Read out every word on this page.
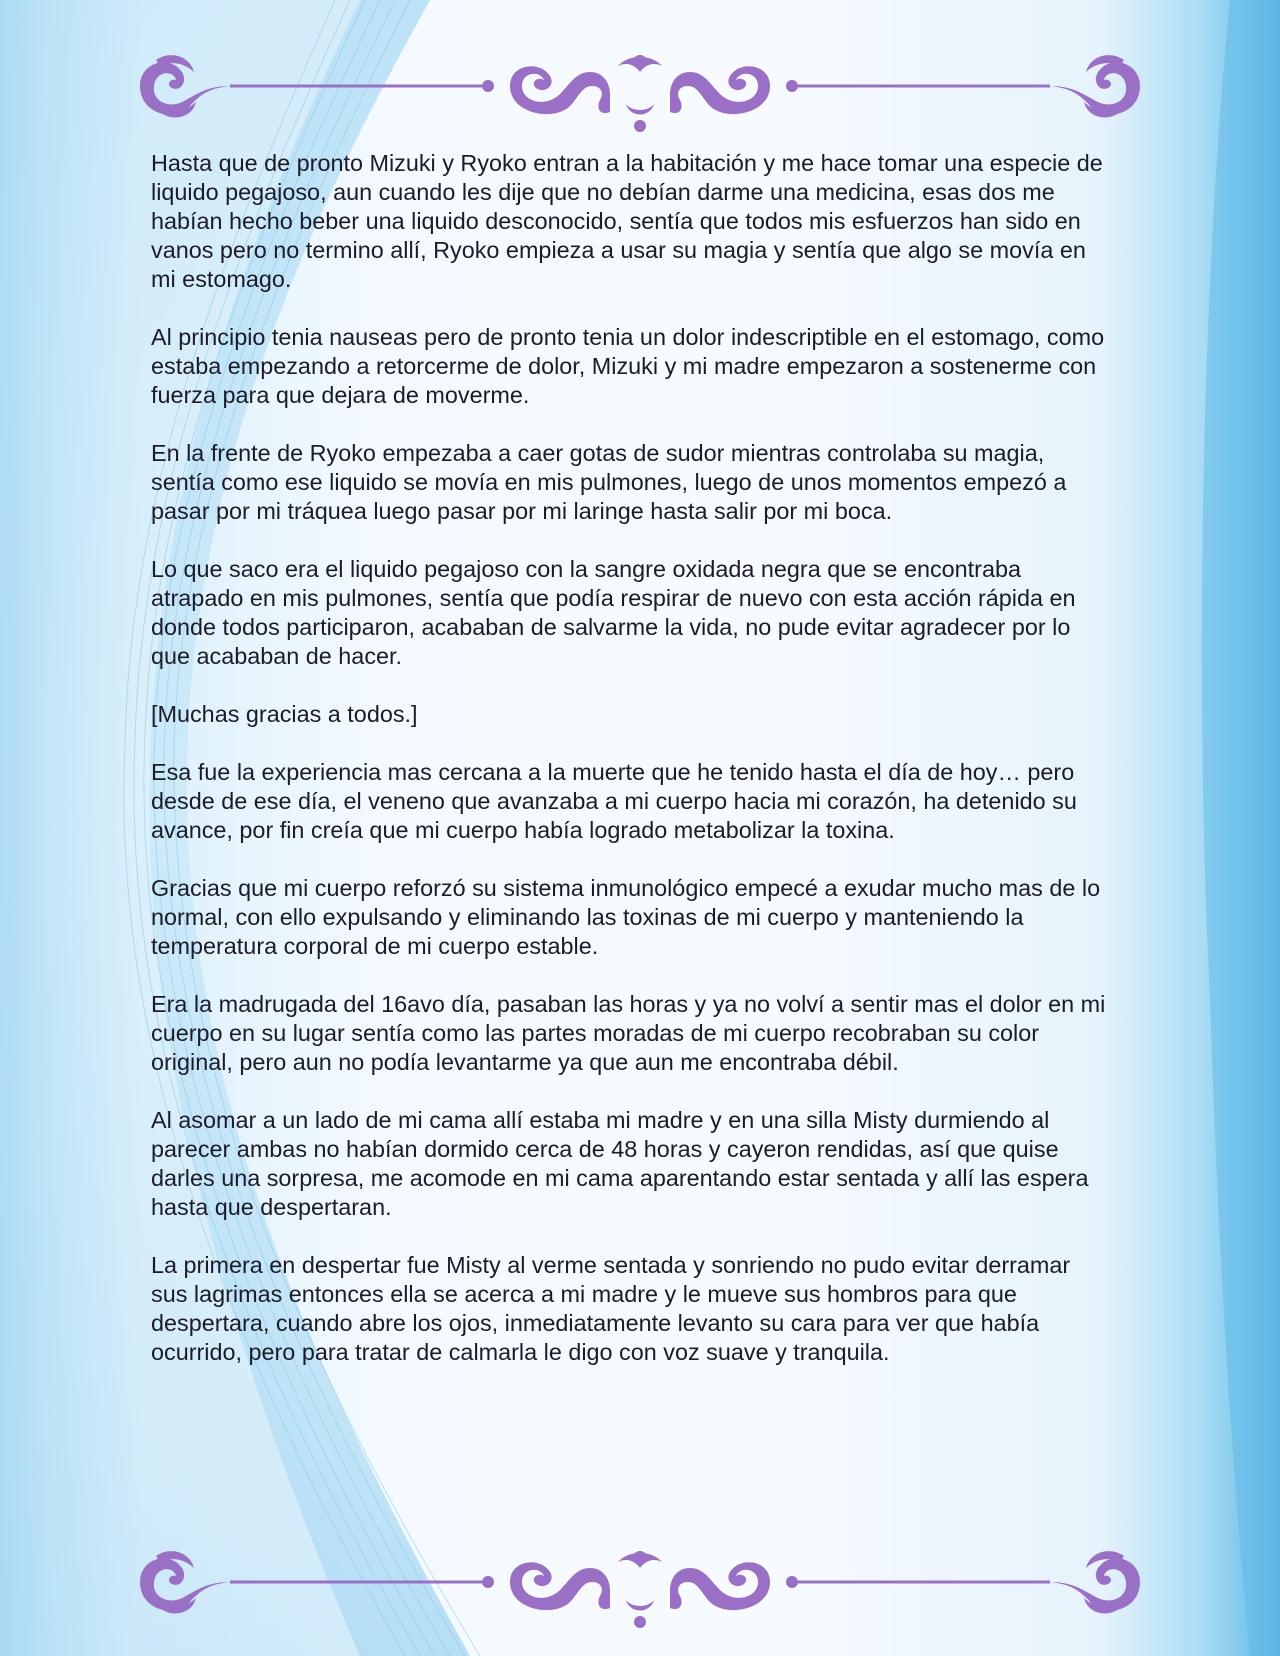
Hasta que de pronto Mizuki y Ryoko entran a la habitación y me hace tomar una especie de liquido pegajoso, aun cuando les dije que no debían darme una medicina, esas dos me habían hecho beber una liquido desconocido, sentía que todos mis esfuerzos han sido en vanos pero no termino allí, Ryoko empieza a usar su magia y sentía que algo se movía en mi estomago.

Al principio tenia nauseas pero de pronto tenia un dolor indescriptible en el estomago, como estaba empezando a retorcerme de dolor, Mizuki y mi madre empezaron a sostenerme con fuerza para que dejara de moverme.

En la frente de Ryoko empezaba a caer gotas de sudor mientras controlaba su magia, sentía como ese liquido se movía en mis pulmones, luego de unos momentos empezó a pasar por mi tráquea luego pasar por mi laringe hasta salir por mi boca.

Lo que saco era el liquido pegajoso con la sangre oxidada negra que se encontraba atrapado en mis pulmones, sentía que podía respirar de nuevo con esta acción rápida en donde todos participaron, acababan de salvarme la vida, no pude evitar agradecer por lo que acababan de hacer.

[Muchas gracias a todos.]

Esa fue la experiencia mas cercana a la muerte que he tenido hasta el día de hoy… pero desde de ese día, el veneno que avanzaba a mi cuerpo hacia mi corazón, ha detenido su avance, por fin creía que mi cuerpo había logrado metabolizar la toxina.

Gracias que mi cuerpo reforzó su sistema inmunológico empecé a exudar mucho mas de lo normal, con ello expulsando y eliminando las toxinas de mi cuerpo y manteniendo la temperatura corporal de mi cuerpo estable.

Era la madrugada del 16avo día, pasaban las horas y ya no volví a sentir mas el dolor en mi cuerpo en su lugar sentía como las partes moradas de mi cuerpo recobraban su color original, pero aun no podía levantarme ya que aun me encontraba débil.

Al asomar a un lado de mi cama allí estaba mi madre y en una silla Misty durmiendo al parecer ambas no habían dormido cerca de 48 horas y cayeron rendidas, así que quise darles una sorpresa, me acomode en mi cama aparentando estar sentada y allí las espera hasta que despertaran.

La primera en despertar fue Misty al verme sentada y sonriendo no pudo evitar derramar sus lagrimas entonces ella se acerca a mi madre y le mueve sus hombros para que despertara, cuando abre los ojos, inmediatamente levanto su cara para ver que había ocurrido, pero para tratar de calmarla le digo con voz suave y tranquila.
